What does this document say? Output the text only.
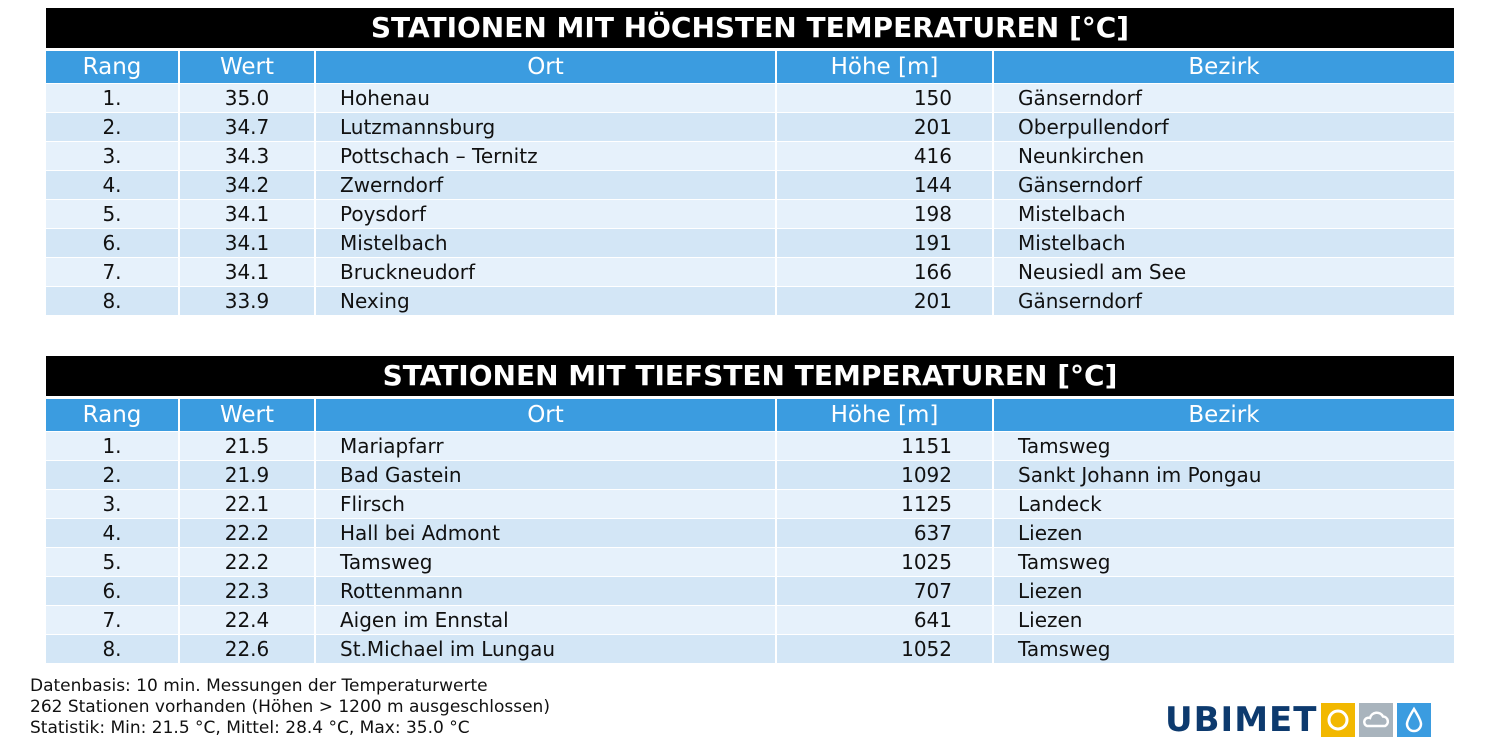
STATIONEN MIT HÖCHSTEN TEMPERATUREN [°C]
Rang	Wert	Ort	Höhe [m]	Bezirk
1.	35.0	Hohenau	150	Gänserndorf
2.	34.7	Lutzmannsburg	201	Oberpullendorf
3.	34.3	Pottschach – Ternitz	416	Neunkirchen
4.	34.2	Zwerndorf	144	Gänserndorf
5.	34.1	Poysdorf	198	Mistelbach
6.	34.1	Mistelbach	191	Mistelbach
7.	34.1	Bruckneudorf	166	Neusiedl am See
8.	33.9	Nexing	201	Gänserndorf
STATIONEN MIT TIEFSTEN TEMPERATUREN [°C]
Rang	Wert	Ort	Höhe [m]	Bezirk
1.	21.5	Mariapfarr	1151	Tamsweg
2.	21.9	Bad Gastein	1092	Sankt Johann im Pongau
3.	22.1	Flirsch	1125	Landeck
4.	22.2	Hall bei Admont	637	Liezen
5.	22.2	Tamsweg	1025	Tamsweg
6.	22.3	Rottenmann	707	Liezen
7.	22.4	Aigen im Ennstal	641	Liezen
8.	22.6	St.Michael im Lungau	1052	Tamsweg
Datenbasis: 10 min. Messungen der Temperaturwerte
262 Stationen vorhanden (Höhen > 1200 m ausgeschlossen)
Statistik: Min: 21.5 °C, Mittel: 28.4 °C, Max: 35.0 °C	UBIMET
